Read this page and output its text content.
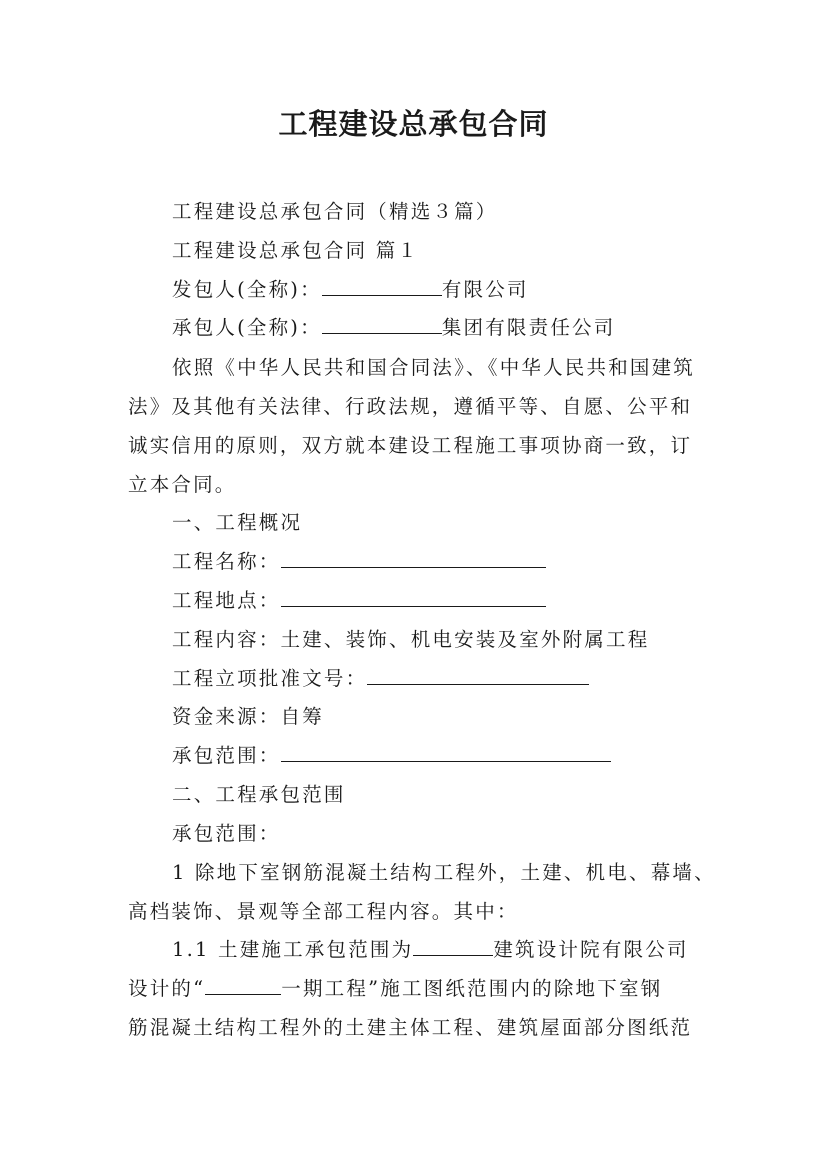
工程建设总承包合同
工程建设总承包合同（精选３篇）
工程建设总承包合同 篇１
发包人(全称)：	有限公司
承包人(全称)：	集团有限责任公司
依照《中华人民共和国合同法》、《中华人民共和国建筑
法》及其他有关法律、行政法规，遵循平等、自愿、公平和
诚实信用的原则，双方就本建设工程施工事项协商一致，订
立本合同。
一、工程概况
工程名称：
工程地点：
工程内容：土建、装饰、机电安装及室外附属工程
工程立项批准文号：
资金来源：自筹
承包范围：
二、工程承包范围
承包范围：
1 除地下室钢筋混凝土结构工程外，土建、机电、幕墙、
高档装饰、景观等全部工程内容。其中：
1.1 土建施工承包范围为	建筑设计院有限公司
设计的“	一期工程”施工图纸范围内的除地下室钢
筋混凝土结构工程外的土建主体工程、建筑屋面部分图纸范
